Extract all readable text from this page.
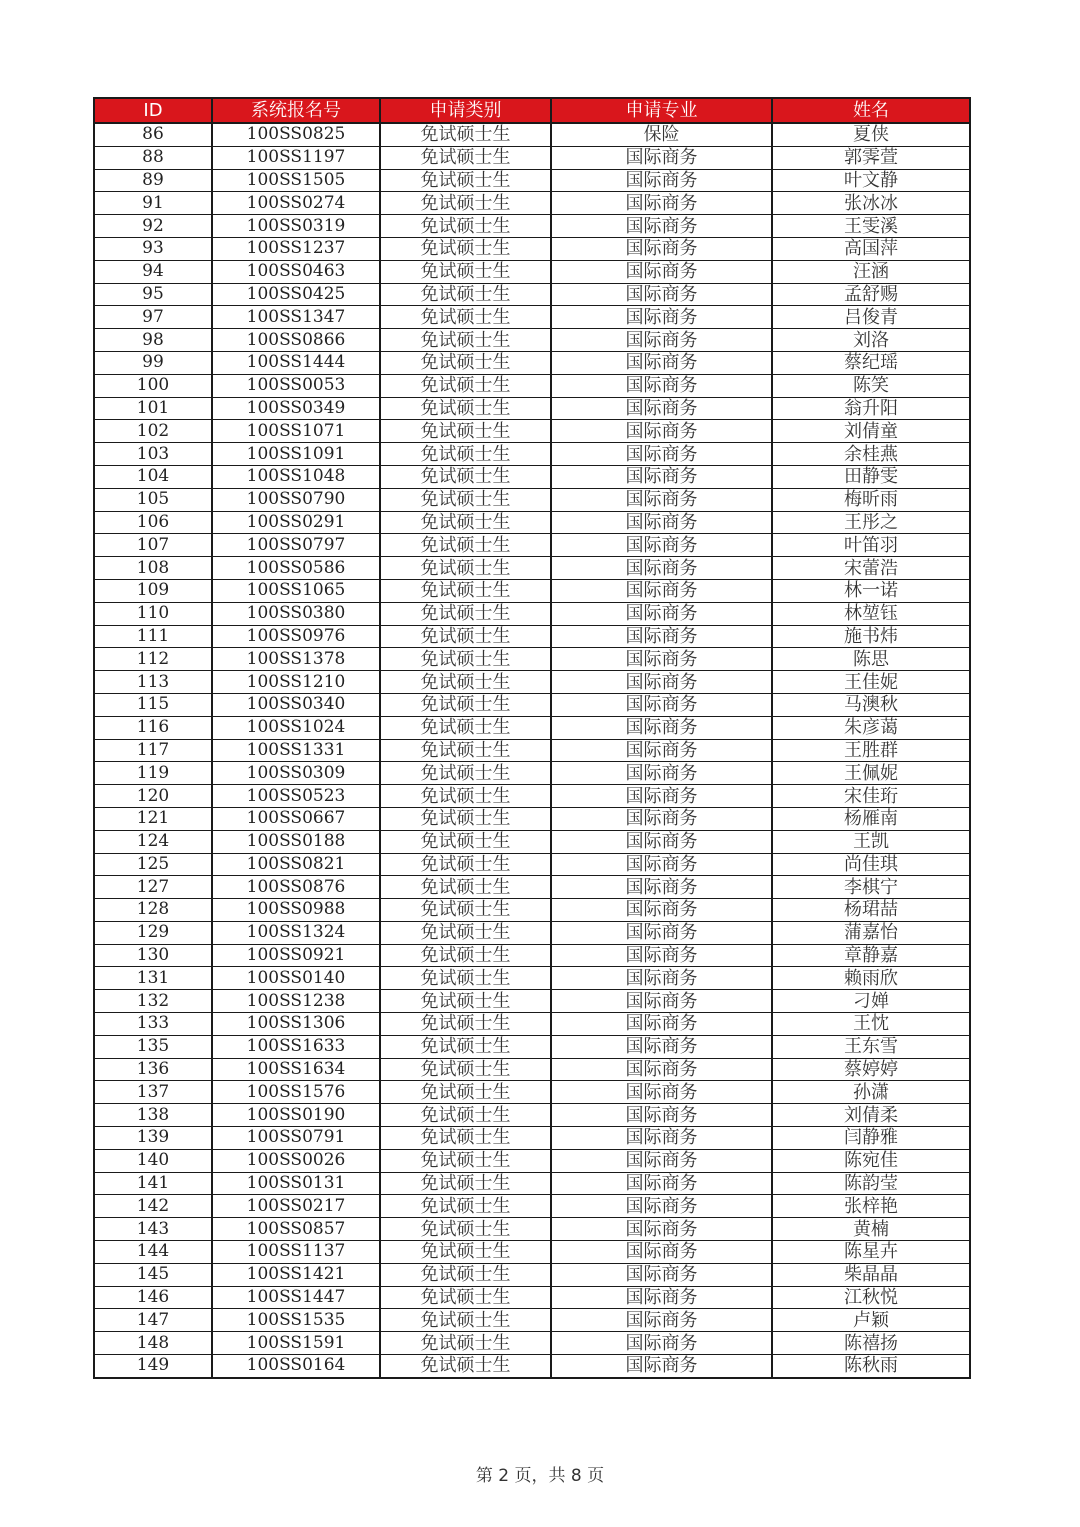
ID	系统报名号	申请类别	申请专业	姓名
86	100SS0825	免试硕士生	保险	夏侠
88	100SS1197	免试硕士生	国际商务	郭霁萱
89	100SS1505	免试硕士生	国际商务	叶文静
91	100SS0274	免试硕士生	国际商务	张冰冰
92	100SS0319	免试硕士生	国际商务	王雯溪
93	100SS1237	免试硕士生	国际商务	高国萍
94	100SS0463	免试硕士生	国际商务	汪涵
95	100SS0425	免试硕士生	国际商务	孟舒赐
97	100SS1347	免试硕士生	国际商务	吕俊青
98	100SS0866	免试硕士生	国际商务	刘洛
99	100SS1444	免试硕士生	国际商务	蔡纪瑶
100	100SS0053	免试硕士生	国际商务	陈笑
101	100SS0349	免试硕士生	国际商务	翁升阳
102	100SS1071	免试硕士生	国际商务	刘倩童
103	100SS1091	免试硕士生	国际商务	余桂燕
104	100SS1048	免试硕士生	国际商务	田静雯
105	100SS0790	免试硕士生	国际商务	梅昕雨
106	100SS0291	免试硕士生	国际商务	王彤之
107	100SS0797	免试硕士生	国际商务	叶笛羽
108	100SS0586	免试硕士生	国际商务	宋蕾浩
109	100SS1065	免试硕士生	国际商务	林一诺
110	100SS0380	免试硕士生	国际商务	林堃钰
111	100SS0976	免试硕士生	国际商务	施书炜
112	100SS1378	免试硕士生	国际商务	陈思
113	100SS1210	免试硕士生	国际商务	王佳妮
115	100SS0340	免试硕士生	国际商务	马澳秋
116	100SS1024	免试硕士生	国际商务	朱彦蔼
117	100SS1331	免试硕士生	国际商务	王胜群
119	100SS0309	免试硕士生	国际商务	王佩妮
120	100SS0523	免试硕士生	国际商务	宋佳珩
121	100SS0667	免试硕士生	国际商务	杨雁南
124	100SS0188	免试硕士生	国际商务	王凯
125	100SS0821	免试硕士生	国际商务	尚佳琪
127	100SS0876	免试硕士生	国际商务	李棋宁
128	100SS0988	免试硕士生	国际商务	杨珺喆
129	100SS1324	免试硕士生	国际商务	蒲嘉怡
130	100SS0921	免试硕士生	国际商务	章静嘉
131	100SS0140	免试硕士生	国际商务	赖雨欣
132	100SS1238	免试硕士生	国际商务	刁婵
133	100SS1306	免试硕士生	国际商务	王忱
135	100SS1633	免试硕士生	国际商务	王东雪
136	100SS1634	免试硕士生	国际商务	蔡婷婷
137	100SS1576	免试硕士生	国际商务	孙潇
138	100SS0190	免试硕士生	国际商务	刘倩柔
139	100SS0791	免试硕士生	国际商务	闫静雅
140	100SS0026	免试硕士生	国际商务	陈宛佳
141	100SS0131	免试硕士生	国际商务	陈韵莹
142	100SS0217	免试硕士生	国际商务	张梓艳
143	100SS0857	免试硕士生	国际商务	黄楠
144	100SS1137	免试硕士生	国际商务	陈星卉
145	100SS1421	免试硕士生	国际商务	柴晶晶
146	100SS1447	免试硕士生	国际商务	江秋悦
147	100SS1535	免试硕士生	国际商务	卢颖
148	100SS1591	免试硕士生	国际商务	陈禧扬
149	100SS0164	免试硕士生	国际商务	陈秋雨
第 2 页，共 8 页
